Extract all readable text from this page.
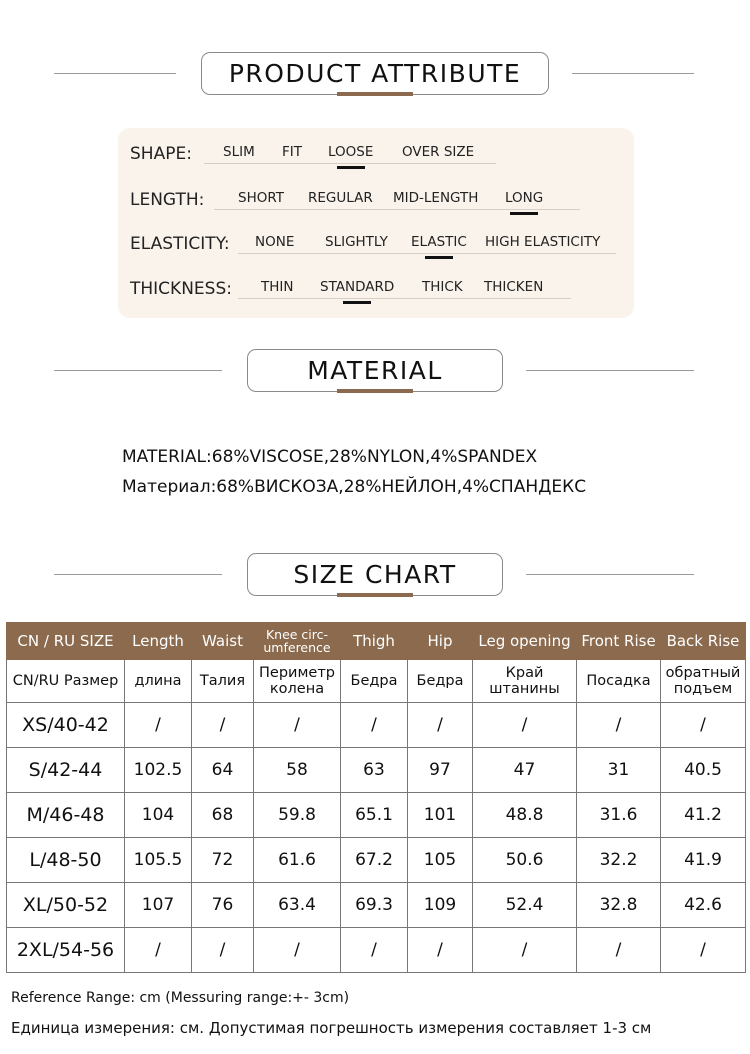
PRODUCT ATTRIBUTE
SHAPE: SLIM FIT LOOSE OVER SIZE
LENGTH: SHORT REGULAR MID-LENGTH LONG
ELASTICITY: NONE SLIGHTLY ELASTIC HIGH ELASTICITY
THICKNESS: THIN STANDARD THICK THICKEN
MATERIAL
MATERIAL:68%VISCOSE,28%NYLON,4%SPANDEX
Материал:68%ВИСКОЗА,28%НЕЙЛОН,4%СПАНДЕКС
SIZE CHART
CN / RU SIZE	Length	Waist	Knee circ-umference	Thigh	Hip	Leg opening	Front Rise	Back Rise
CN/RU Размер	длина	Талия	Периметр колена	Бедра	Бедра	Край штанины	Посадка	обратный подъем
XS/40-42	/	/	/	/	/	/	/	/
S/42-44	102.5	64	58	63	97	47	31	40.5
M/46-48	104	68	59.8	65.1	101	48.8	31.6	41.2
L/48-50	105.5	72	61.6	67.2	105	50.6	32.2	41.9
XL/50-52	107	76	63.4	69.3	109	52.4	32.8	42.6
2XL/54-56	/	/	/	/	/	/	/	/
Reference Range: cm (Messuring range:+- 3cm)
Единица измерения: см. Допустимая погрешность измерения составляет 1-3 см
